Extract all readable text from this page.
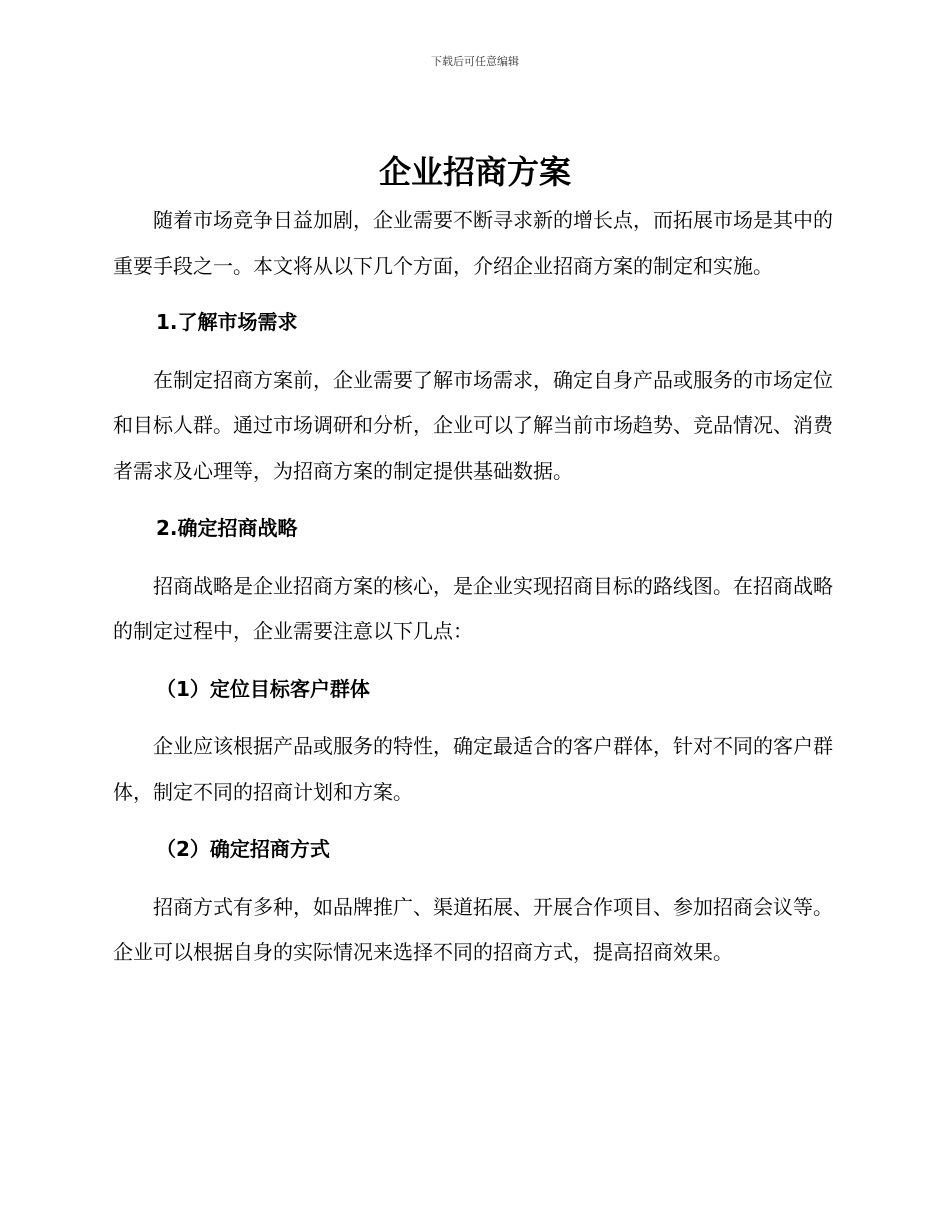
下载后可任意编辑
企业招商方案

随着市场竞争日益加剧，企业需要不断寻求新的增长点，而拓展市场是其中的重要手段之一。本文将从以下几个方面，介绍企业招商方案的制定和实施。

1.了解市场需求

在制定招商方案前，企业需要了解市场需求，确定自身产品或服务的市场定位和目标人群。通过市场调研和分析，企业可以了解当前市场趋势、竞品情况、消费者需求及心理等，为招商方案的制定提供基础数据。

2.确定招商战略

招商战略是企业招商方案的核心，是企业实现招商目标的路线图。在招商战略的制定过程中，企业需要注意以下几点：

（1）定位目标客户群体

企业应该根据产品或服务的特性，确定最适合的客户群体，针对不同的客户群体，制定不同的招商计划和方案。

（2）确定招商方式

招商方式有多种，如品牌推广、渠道拓展、开展合作项目、参加招商会议等。企业可以根据自身的实际情况来选择不同的招商方式，提高招商效果。
